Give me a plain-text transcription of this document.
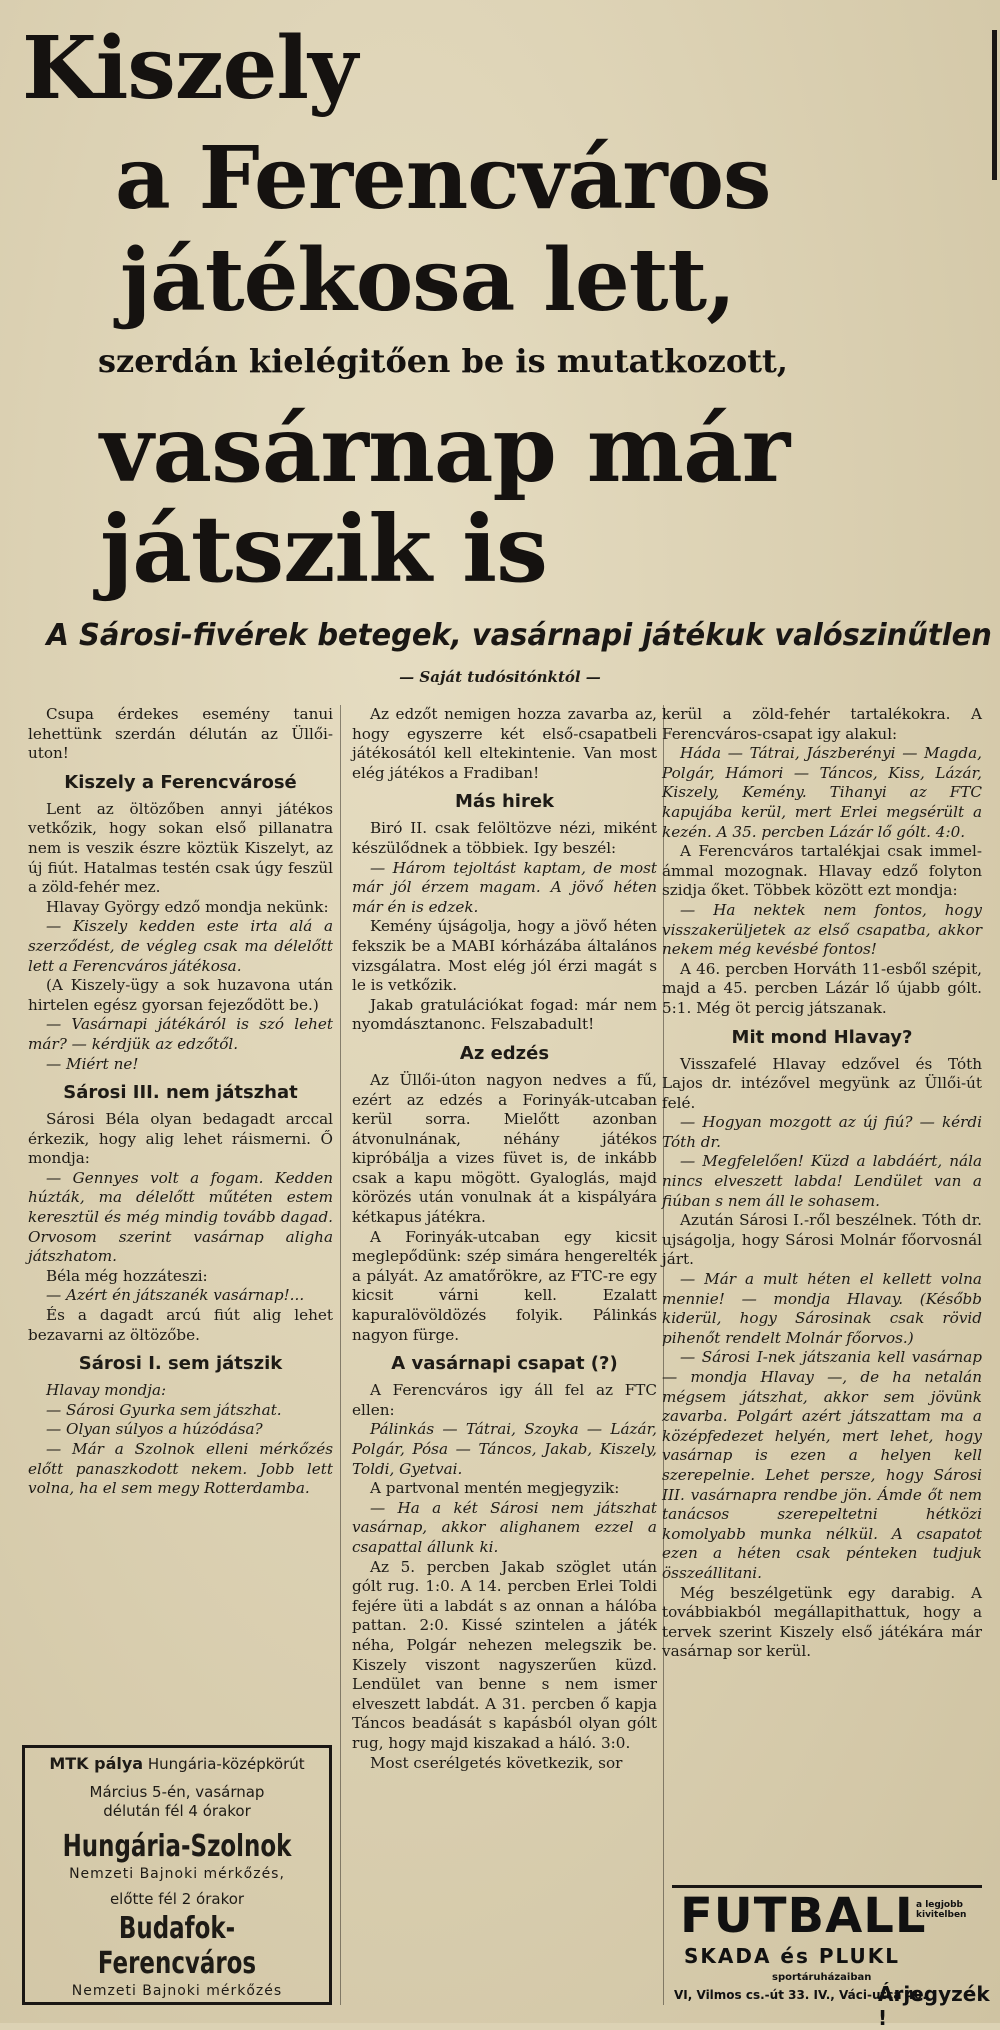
Kiszely
a Ferencváros
játékosa lett,
szerdán kielégitően be is mutatkozott,
vasárnap már
játszik is
A Sárosi-fivérek betegek, vasárnapi játékuk valószinűtlen
— Saját tudósitónktól —

Csupa érdekes esemény tanui lehettünk szerdán délután az Üllői-uton!

Kiszely a Ferencvárosé

Lent az öltözőben annyi játékos vetkőzik, hogy sokan első pillanatra nem is veszik észre köztük Kiszelyt, az új fiút. Hatalmas testén csak úgy feszül a zöld-fehér mez.

Hlavay György edző mondja nekünk:

— Kiszely kedden este irta alá a szerződést, de végleg csak ma délelőtt lett a Ferencváros játékosa.

(A Kiszely-ügy a sok huzavona után hirtelen egész gyorsan fejeződött be.)

— Vasárnapi játékáról is szó lehet már? — kérdjük az edzőtől.

— Miért ne!

Sárosi III. nem játszhat

Sárosi Béla olyan bedagadt arccal érkezik, hogy alig lehet ráismerni. Ő mondja:

— Gennyes volt a fogam. Kedden húzták, ma délelőtt műtéten estem keresztül és még mindig tovább dagad. Orvosom szerint vasárnap aligha játszhatom.

Béla még hozzáteszi:

— Azért én játszanék vasárnap!...

És a dagadt arcú fiút alig lehet bezavarni az öltözőbe.

Sárosi I. sem játszik

Hlavay mondja:

— Sárosi Gyurka sem játszhat.

— Olyan súlyos a húzódása?

— Már a Szolnok elleni mérkőzés előtt panaszkodott nekem. Jobb lett volna, ha el sem megy Rotterdamba.

MTK pálya Hungária-középkörút
Március 5-én, vasárnap
délután fél 4 órakor
Hungária-Szolnok
Nemzeti Bajnoki mérkőzés,
előtte fél 2 órakor
Budafok-Ferencváros
Nemzeti Bajnoki mérkőzés

Az edzőt nemigen hozza zavarba az, hogy egyszerre két első-csapatbeli játékosától kell eltekintenie. Van most elég játékos a Fradiban!

Más hirek

Biró II. csak felöltözve nézi, miként készülődnek a többiek. Igy beszél:

— Három tejoltást kaptam, de most már jól érzem magam. A jövő héten már én is edzek.

Kemény újságolja, hogy a jövő héten fekszik be a MABI kórházába általános vizsgálatra. Most elég jól érzi magát s le is vetkőzik.

Jakab gratulációkat fogad: már nem nyomdásztanonc. Felszabadult!

Az edzés

Az Üllői-úton nagyon nedves a fű, ezért az edzés a Forinyák-utcaban kerül sorra. Mielőtt azonban átvonulnának, néhány játékos kipróbálja a vizes füvet is, de inkább csak a kapu mögött. Gyaloglás, majd körözés után vonulnak át a kispályára kétkapus játékra.

A Forinyák-utcaban egy kicsit meglepődünk: szép simára hengerelték a pályát. Az amatőrökre, az FTC-re egy kicsit várni kell. Ezalatt kapuralövöldözés folyik. Pálinkás nagyon fürge.

A vasárnapi csapat (?)

A Ferencváros igy áll fel az FTC ellen:

Pálinkás — Tátrai, Szoyka — Lázár, Polgár, Pósa — Táncos, Jakab, Kiszely, Toldi, Gyetvai.

A partvonal mentén megjegyzik:

— Ha a két Sárosi nem játszhat vasárnap, akkor alighanem ezzel a csapattal állunk ki.

Az 5. percben Jakab szöglet után gólt rug. 1:0. A 14. percben Erlei Toldi fejére üti a labdát s az onnan a hálóba pattan. 2:0. Kissé szintelen a játék néha, Polgár nehezen melegszik be. Kiszely viszont nagyszerűen küzd. Lendület van benne s nem ismer elveszett labdát. A 31. percben ő kapja Táncos beadását s kapásból olyan gólt rug, hogy majd kiszakad a háló. 3:0.

Most cserélgetés következik, sor

kerül a zöld-fehér tartalékokra. A Ferencváros-csapat igy alakul:

Háda — Tátrai, Jászberényi — Magda, Polgár, Hámori — Táncos, Kiss, Lázár, Kiszely, Kemény. Tihanyi az FTC kapujába kerül, mert Erlei megsérült a kezén. A 35. percben Lázár lő gólt. 4:0.

A Ferencváros tartalékjai csak immel-ámmal mozognak. Hlavay edző folyton szidja őket. Többek között ezt mondja:

— Ha nektek nem fontos, hogy visszakerüljetek az első csapatba, akkor nekem még kevésbé fontos!

A 46. percben Horváth 11-esből szépit, majd a 45. percben Lázár lő újabb gólt. 5:1. Még öt percig játszanak.

Mit mond Hlavay?

Visszafelé Hlavay edzővel és Tóth Lajos dr. intézővel megyünk az Üllői-út felé.

— Hogyan mozgott az új fiú? — kérdi Tóth dr.

— Megfelelően! Küzd a labdáért, nála nincs elveszett labda! Lendület van a fiúban s nem áll le sohasem.

Azután Sárosi I.-ről beszélnek. Tóth dr. ujságolja, hogy Sárosi Molnár főorvosnál járt.

— Már a mult héten el kellett volna mennie! — mondja Hlavay. (Később kiderül, hogy Sárosinak csak rövid pihenőt rendelt Molnár főorvos.)

— Sárosi I-nek játszania kell vasárnap — mondja Hlavay —, de ha netalán mégsem játszhat, akkor sem jövünk zavarba. Polgárt azért játszattam ma a középfedezet helyén, mert lehet, hogy vasárnap is ezen a helyen kell szerepelnie. Lehet persze, hogy Sárosi III. vasárnapra rendbe jön. Ámde őt nem tanácsos szerepeltetni hétközi komolyabb munka nélkül. A csapatot ezen a héten csak pénteken tudjuk összeállitani.

Még beszélgetünk egy darabig. A továbbiakból megállapithattuk, hogy a tervek szerint Kiszely első játékára már vasárnap sor kerül.

FUTBALL
a legjobb kivitelben
SKADA és PLUKL
sportáruházaiban
VI, Vilmos cs.-út 33. IV., Váci-utca 40.
Árjegyzék !
